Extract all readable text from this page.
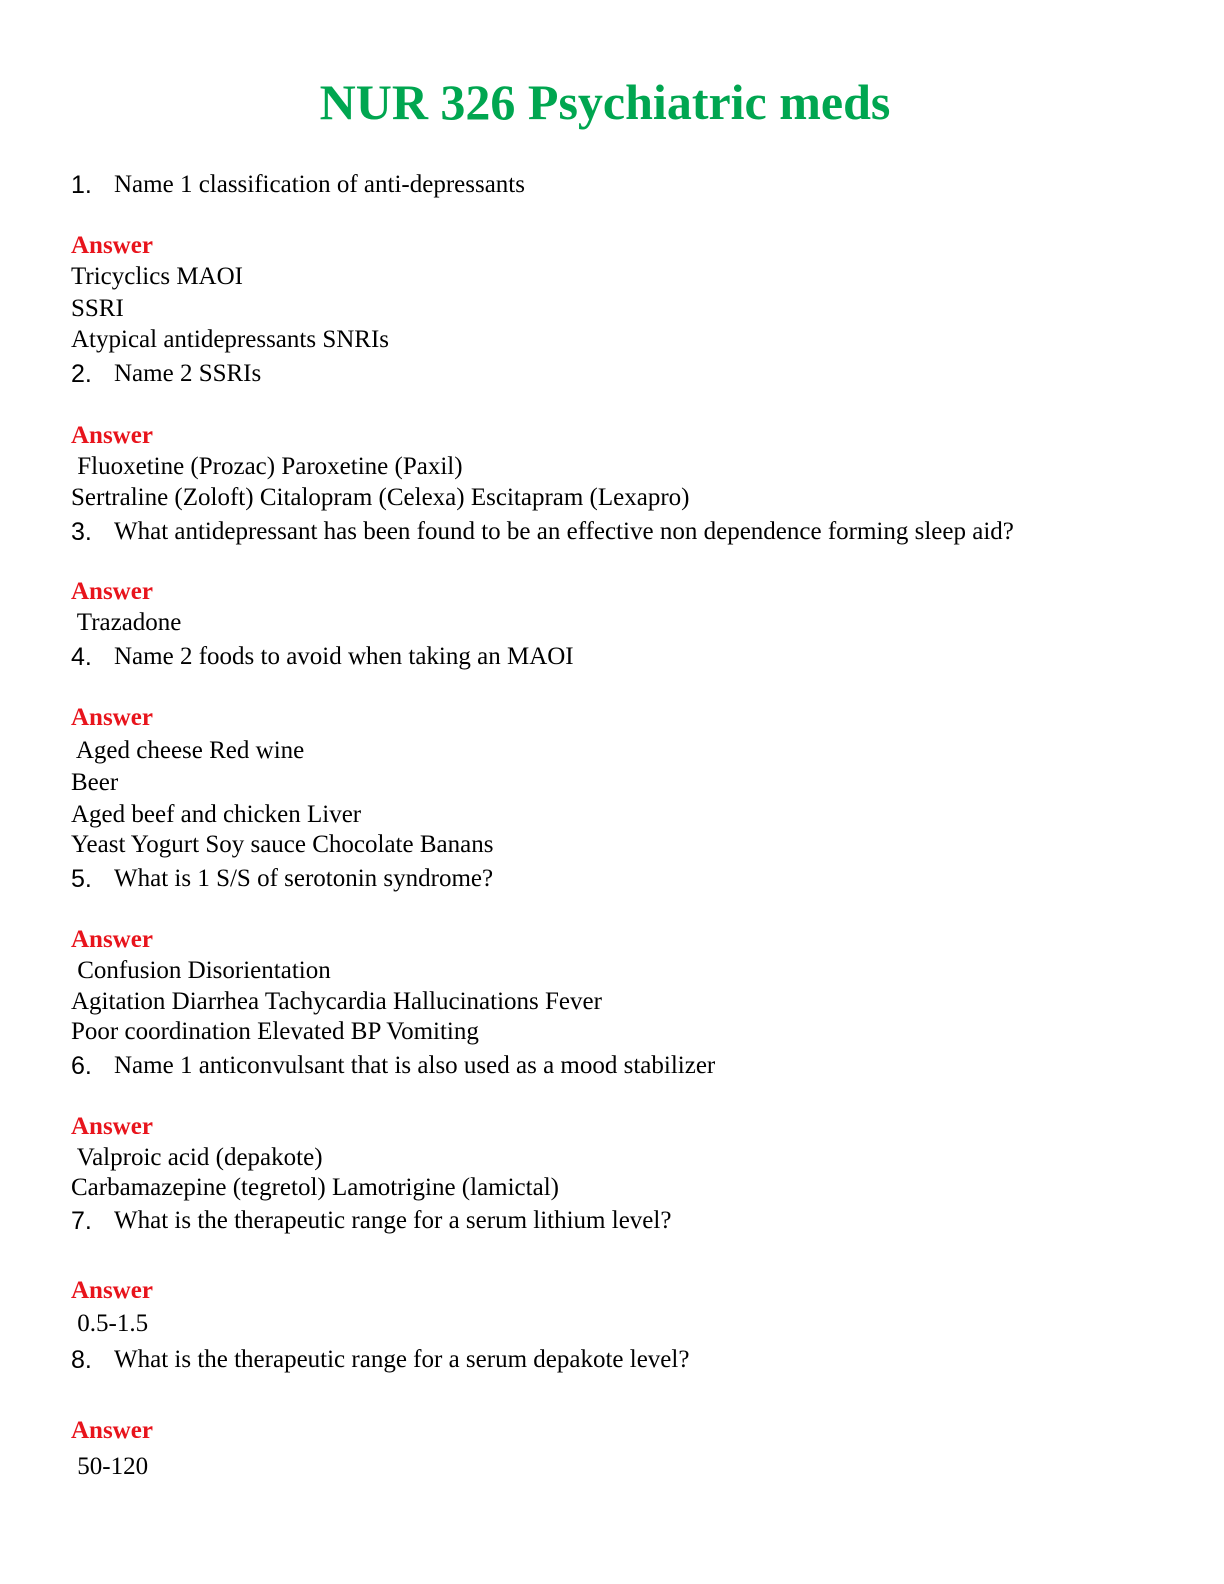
NUR 326 Psychiatric meds
1. Name 1 classification of anti-depressants
Answer
Tricyclics MAOI
SSRI
Atypical antidepressants SNRIs
2. Name 2 SSRIs
Answer
Fluoxetine (Prozac) Paroxetine (Paxil)
Sertraline (Zoloft) Citalopram (Celexa) Escitapram (Lexapro)
3. What antidepressant has been found to be an effective non dependence forming sleep aid?
Answer
Trazadone
4. Name 2 foods to avoid when taking an MAOI
Answer
Aged cheese Red wine
Beer
Aged beef and chicken Liver
Yeast Yogurt Soy sauce Chocolate Banans
5. What is 1 S/S of serotonin syndrome?
Answer
Confusion Disorientation
Agitation Diarrhea Tachycardia Hallucinations Fever
Poor coordination Elevated BP Vomiting
6. Name 1 anticonvulsant that is also used as a mood stabilizer
Answer
Valproic acid (depakote)
Carbamazepine (tegretol) Lamotrigine (lamictal)
7. What is the therapeutic range for a serum lithium level?
Answer
0.5-1.5
8. What is the therapeutic range for a serum depakote level?
Answer
50-120
